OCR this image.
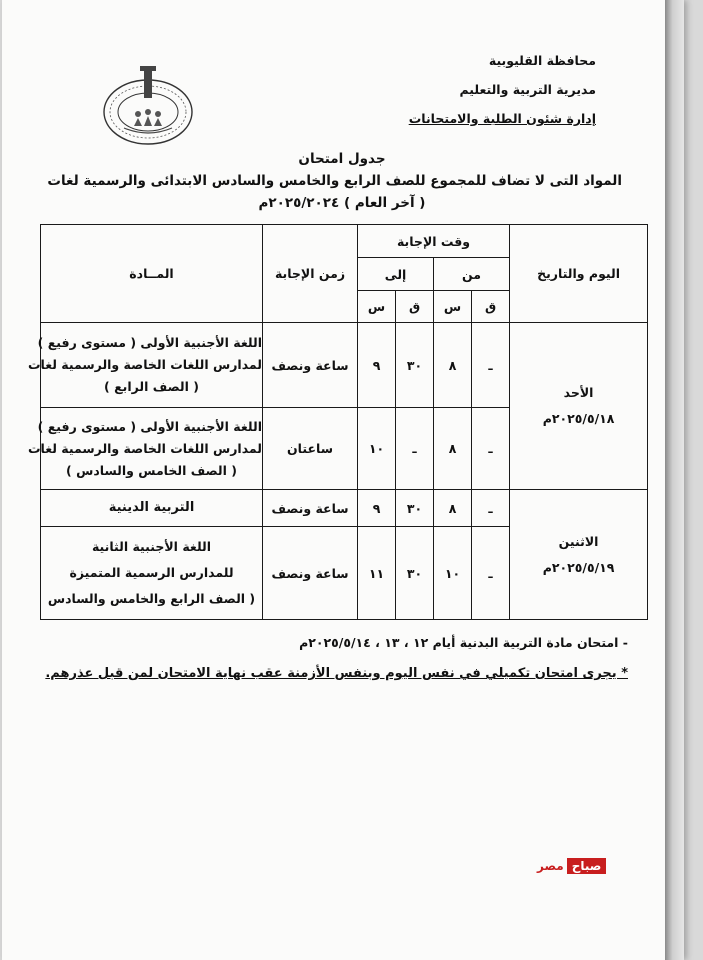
محافظة القليوبية
مديرية التربية والتعليم
إدارة شئون الطلبة والامتحانات
جدول امتحان
المواد التى لا تضاف للمجموع للصف الرابع والخامس والسادس الابتدائى والرسمية لغات
( آخر العام ) ٢٠٢٥/٢٠٢٤م
اليوم والتاريخ	وقت الإجابة				زمن الإجابة	المــادة
	من		إلى			
	ق	س	ق	س		

الأحد
٢٠٢٥/٥/١٨م	ـ	٨	٣٠	٩	ساعة ونصف	اللغة الأجنبية الأولى ( مستوى رفيع )
لمدارس اللغات الخاصة والرسمية لغات
( الصف الرابع )

	ـ	٨	ـ	١٠	ساعتان	اللغة الأجنبية الأولى ( مستوى رفيع )
لمدارس اللغات الخاصة والرسمية لغات
( الصف الخامس والسادس )

الاثنين
٢٠٢٥/٥/١٩م	ـ	٨	٣٠	٩	ساعة ونصف	التربية الدينية

	ـ	١٠	٣٠	١١	ساعة ونصف	اللغة الأجنبية الثانية
للمدارس الرسمية المتميزة
( الصف الرابع والخامس والسادس
- امتحان مادة التربية البدنية أيام ١٢ ، ١٣ ، ٢٠٢٥/٥/١٤م
* يجرى امتحان تكميلي في نفس اليوم وبنفس الأزمنة عقب نهاية الامتحان لمن قبل عذرهم.
صباحمصر
